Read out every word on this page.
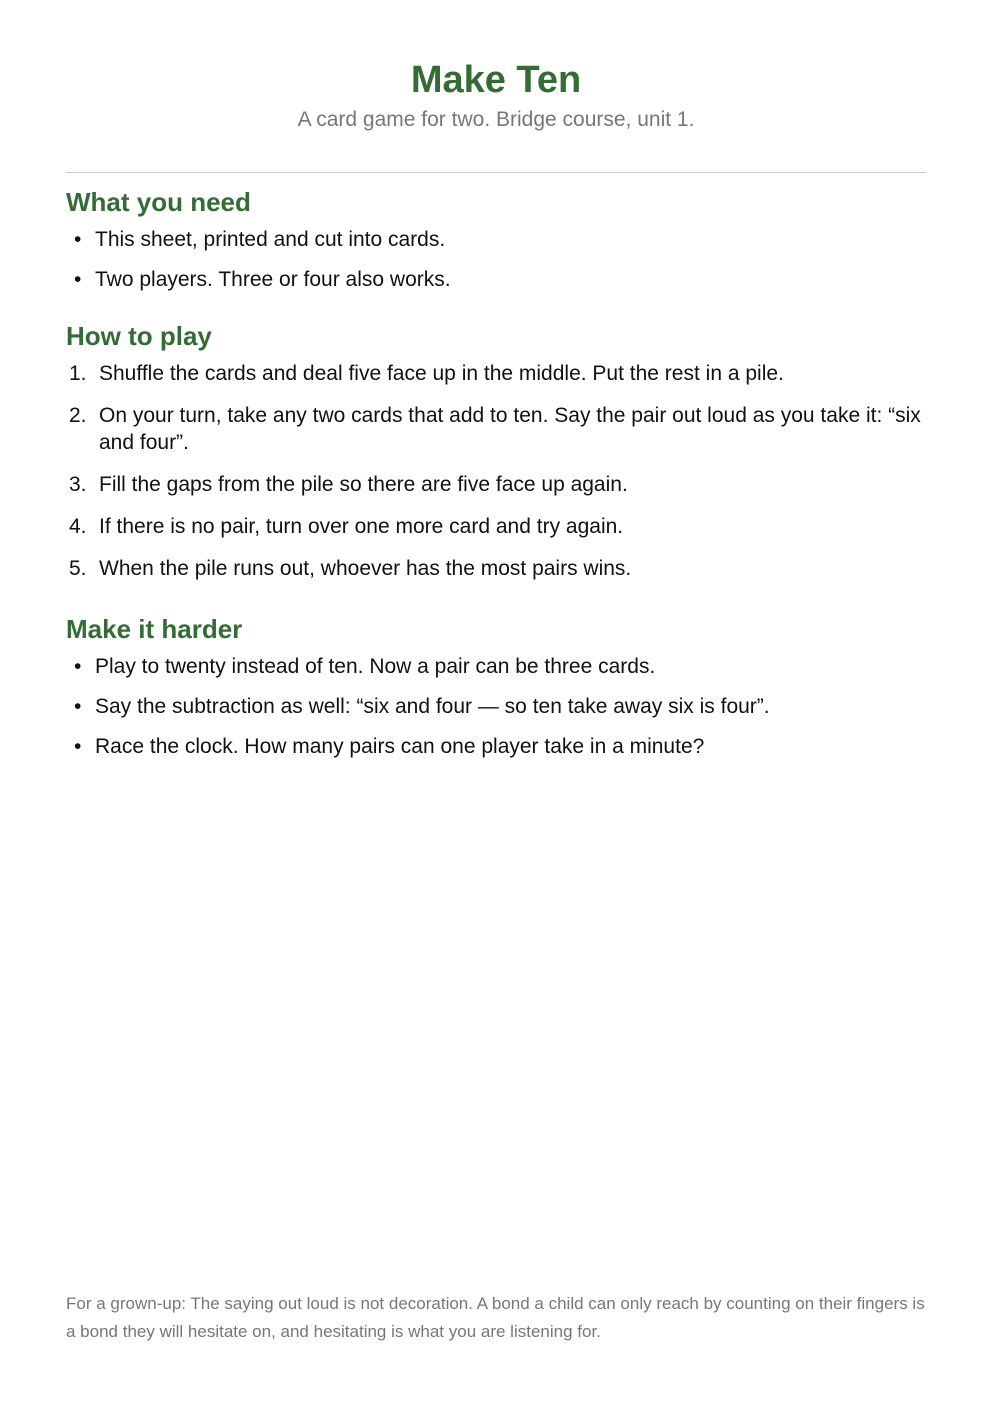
Make Ten
A card game for two. Bridge course, unit 1.
What you need
• This sheet, printed and cut into cards.
• Two players. Three or four also works.
How to play
1. Shuffle the cards and deal five face up in the middle. Put the rest in a pile.
2. On your turn, take any two cards that add to ten. Say the pair out loud as you take it: “six and four”.
3. Fill the gaps from the pile so there are five face up again.
4. If there is no pair, turn over one more card and try again.
5. When the pile runs out, whoever has the most pairs wins.
Make it harder
• Play to twenty instead of ten. Now a pair can be three cards.
• Say the subtraction as well: “six and four — so ten take away six is four”.
• Race the clock. How many pairs can one player take in a minute?
For a grown-up: The saying out loud is not decoration. A bond a child can only reach by counting on their fingers is a bond they will hesitate on, and hesitating is what you are listening for.
